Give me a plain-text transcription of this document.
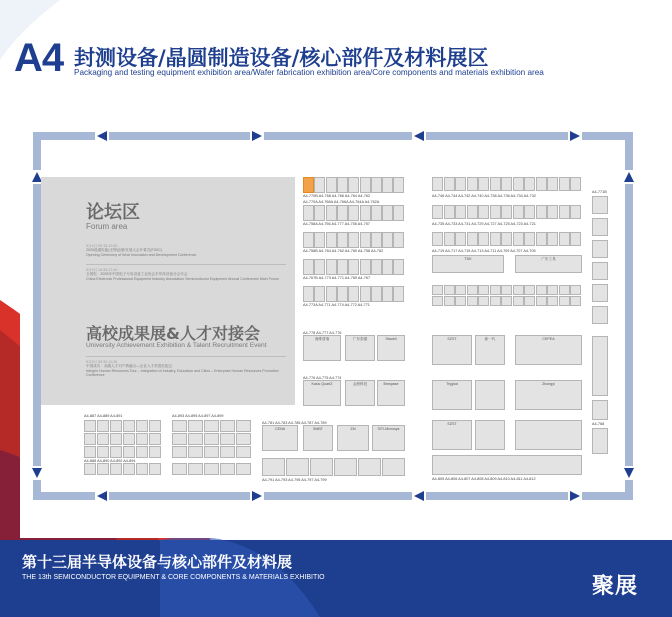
A4 封测设备/晶圆制造设备/核心部件及材料展区
Packaging and testing equipment exhibition area/Wafer fabrication exhibition area/Core components and materials exhibition area
论坛区
Forum area
9月4日 09:15-12:00
2025晶通电能(无锡)创新发展大会开幕式(FJDC)
Opening Ceremony of Wuxi Innovation and Development Conference
9月4日 14:30-17:40
全国电：2025年中国电子专用设备工业协会半导体设备分会年会
China Electronic Professional Equipment Industry Association Semiconductor Equipment Annual Conference Main Forum
高校成果展&人才对接会
University Achievement Exhibition & Talent Recruitment Event
9月5日 09:30-11:30
中国成功：高端人才对产教融合—企业人才供需匹配会
Integrin Human Resources Tour – Integration of Industry, Education and Cities – Enterprise Human Resources Promotion Conference
A4-770B A4-768 A4-766 A4-764 A4-762
A4-770A A4-768A A4-766A A4-764A A4-762A
A4-758A A4-756 A4-777 A4-755 A4-757
A4-758B A4-764 A4-762 A4-760 A4-758 A4-762
A4-767B A4-773 A4-771 A4-769 A4-767
A4-773A A4-771 A4-774 A4-772 A4-771
赛维普瑞	广东泰德	Staubli
Kasic QuartZ	金晨科技	Bmspase
A4-778 A4-777 A4-776
A4-776 A4-775 A4-774
A4-746 A4-744 A4-742 A4-740 A4-738 A4-736 A4-734 A4-732
A4-735 A4-733 A4-731 A4-729 A4-727 A4-725 A4-723 A4-721
A4-719 A4-717 A4-715 A4-713 A4-711 A4-709 A4-707 A4-705
TDK	广东工具
SZST	新一代	CEPEA
Tryglod	Zhongyi
SZST
A4-805 A4-806 A4-807 A4-808 A4-809 A4-810 A4-811 A4-812
A4-887 A4-889 A4-891
A4-888 A4-890 A4-892 A4-894
A4-893 A4-895 A4-897 A4-899
CENA	SMBT	ZM	SITI-Microsys
A4-781 A4-783 A4-785 A4-787 A4-789
A4-791 A4-793 A4-795 A4-797 A4-799
A4-771B
A4-768
第十三届半导体设备与核心部件及材料展
THE 13th SEMICONDUCTOR EQUIPMENT & CORE COMPONENTS & MATERIALS EXHIBITIO	聚展
